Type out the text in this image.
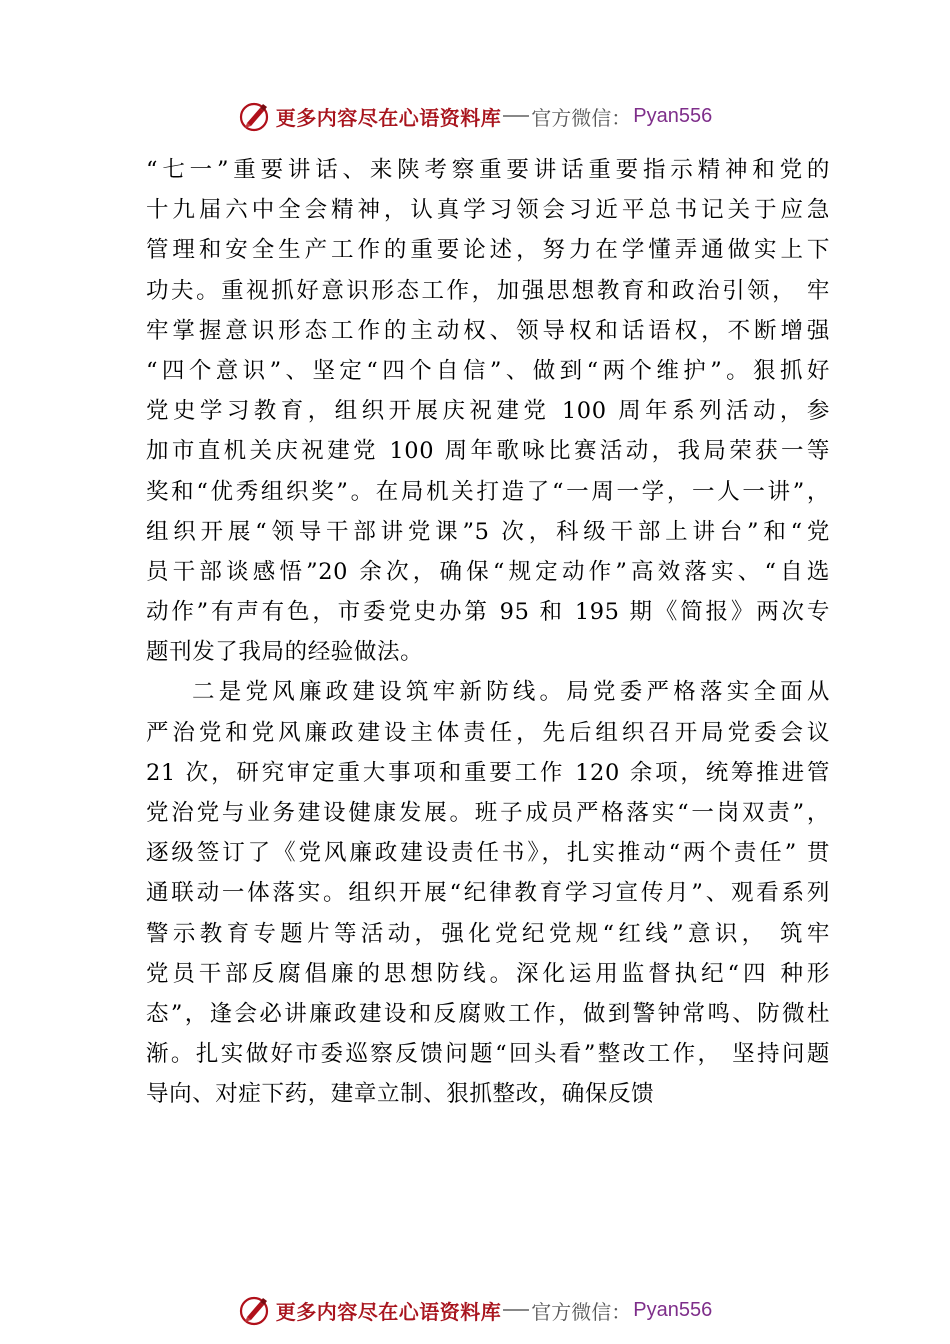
更多内容尽在心语资料库 官方微信： Pyan556
“七一”重要讲话、来陕考察重要讲话重要指示精神和党的
十九届六中全会精神，认真学习领会习近平总书记关于应急
管理和安全生产工作的重要论述，努力在学懂弄通做实上下
功夫。重视抓好意识形态工作，加强思想教育和政治引领， 牢
牢掌握意识形态工作的主动权、领导权和话语权，不断增强
“四个意识”、坚定“四个自信”、做到“两个维护”。狠抓好
党史学习教育，组织开展庆祝建党 100 周年系列活动，参
加市直机关庆祝建党 100 周年歌咏比赛活动，我局荣获一等
奖和“优秀组织奖”。在局机关打造了“一周一学，一人一讲”，
组织开展“领导干部讲党课”5 次，科级干部上讲台”和“党
员干部谈感悟”20 余次，确保“规定动作”高效落实、“自选
动作”有声有色，市委党史办第 95 和 195 期《简报》两次专
题刊发了我局的经验做法。
二是党风廉政建设筑牢新防线。局党委严格落实全面从
严治党和党风廉政建设主体责任，先后组织召开局党委会议
21 次，研究审定重大事项和重要工作 120 余项，统筹推进管
党治党与业务建设健康发展。班子成员严格落实“一岗双责”，
逐级签订了《党风廉政建设责任书》，扎实推动“两个责任” 贯
通联动一体落实。组织开展“纪律教育学习宣传月”、观看系列
警示教育专题片等活动，强化党纪党规“红线”意识， 筑牢
党员干部反腐倡廉的思想防线。深化运用监督执纪“四 种形
态”，逢会必讲廉政建设和反腐败工作，做到警钟常鸣、防微杜
渐。扎实做好市委巡察反馈问题“回头看”整改工作， 坚持问题
导向、对症下药，建章立制、狠抓整改，确保反馈
更多内容尽在心语资料库 官方微信： Pyan556
